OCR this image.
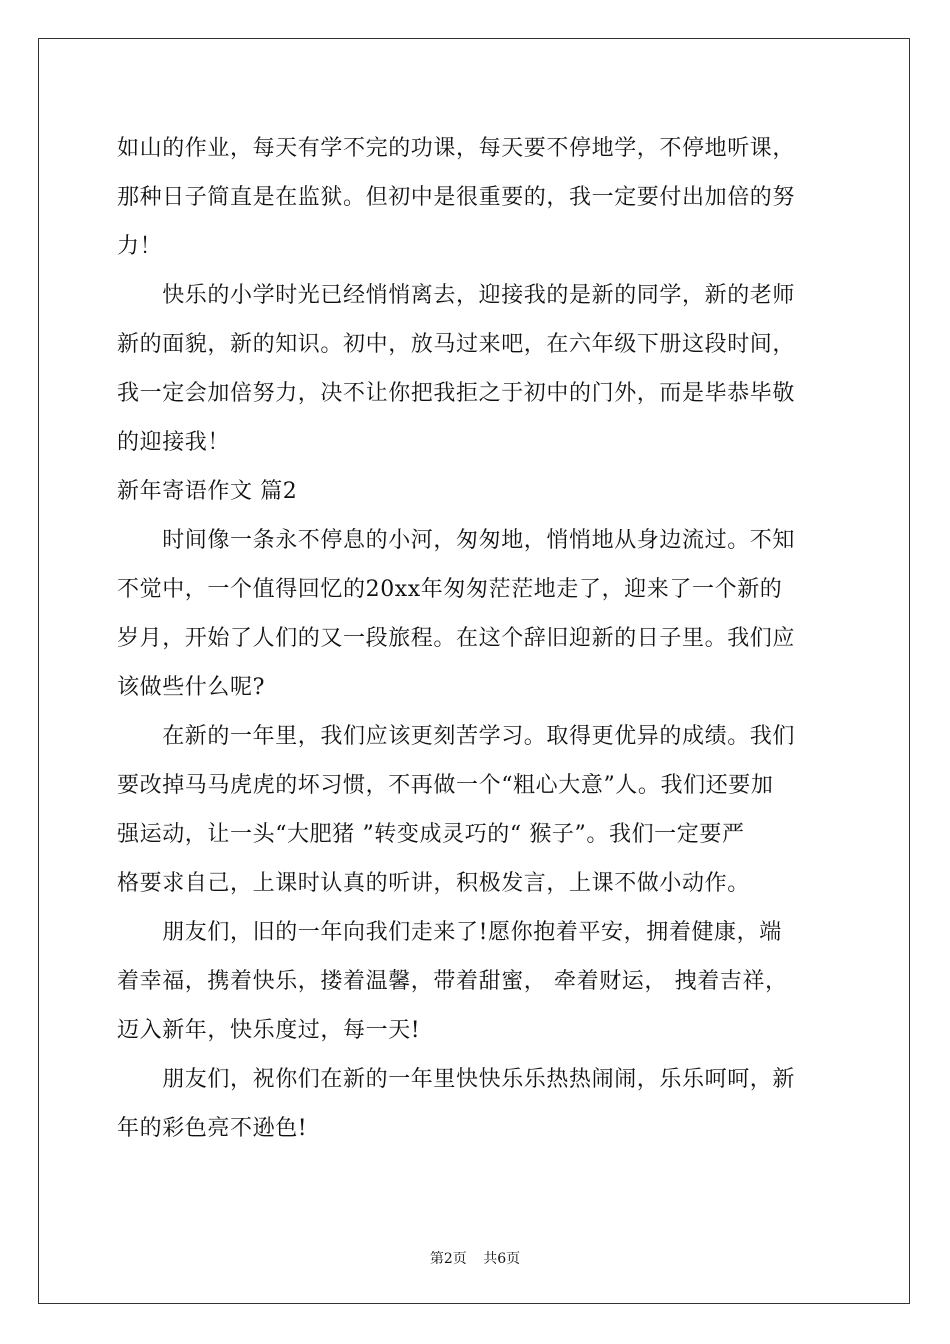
如山的作业，每天有学不完的功课，每天要不停地学，不停地听课，
那种日子简直是在监狱。但初中是很重要的，我一定要付出加倍的努
力！
　　快乐的小学时光已经悄悄离去，迎接我的是新的同学，新的老师
新的面貌，新的知识。初中，放马过来吧，在六年级下册这段时间，
我一定会加倍努力，决不让你把我拒之于初中的门外，而是毕恭毕敬
的迎接我！
新年寄语作文 篇2
　　时间像一条永不停息的小河，匆匆地，悄悄地从身边流过。不知
不觉中，一个值得回忆的20xx年匆匆茫茫地走了，迎来了一个新的
岁月，开始了人们的又一段旅程。在这个辞旧迎新的日子里。我们应
该做些什么呢?
　　在新的一年里，我们应该更刻苦学习。取得更优异的成绩。我们
要改掉马马虎虎的坏习惯，不再做一个“粗心大意”人。我们还要加
强运动，让一头“大肥猪 ”转变成灵巧的“ 猴子”。我们一定要严
格要求自己，上课时认真的听讲，积极发言，上课不做小动作。
　　朋友们，旧的一年向我们走来了!愿你抱着平安，拥着健康，端
着幸福，携着快乐，搂着温馨，带着甜蜜， 牵着财运， 拽着吉祥，
迈入新年，快乐度过，每一天!
　　朋友们，祝你们在新的一年里快快乐乐热热闹闹，乐乐呵呵，新
年的彩色亮不逊色!
第2页 共6页
